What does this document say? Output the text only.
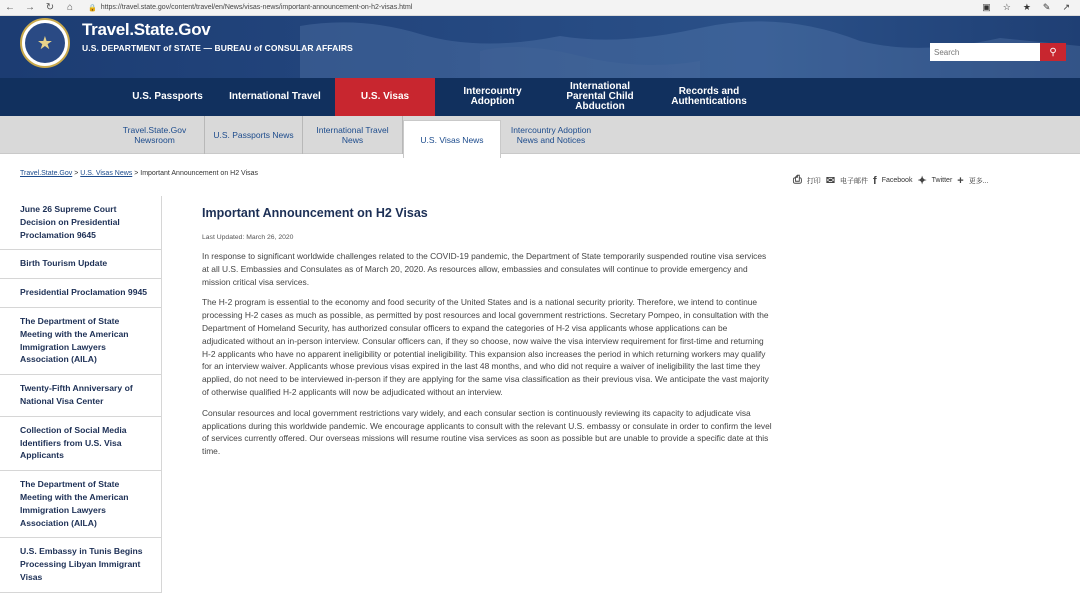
←	→	↻	⌂	🔒 https://travel.state.gov/content/travel/en/News/visas-news/important-announcement-on-h2-visas.html	▣ ☆ ★ ✎ ↗
★
Travel.State.Gov
U.S. DEPARTMENT of STATE — BUREAU of CONSULAR AFFAIRS
Search	⚲
U.S. Passports	International Travel	U.S. Visas	Intercountry Adoption
International Parental Child Abduction
Records and Authentications
Travel.State.Gov Newsroom	U.S. Passports News	International Travel News	U.S. Visas News
Intercountry Adoption News and Notices
Travel.State.Gov > U.S. Visas News > Important Announcement on H2 Visas
⎙ 打印 ✉ 电子邮件 f Facebook ✦ Twitter + 更多...
June 26 Supreme Court Decision on Presidential Proclamation 9645
Birth Tourism Update
Presidential Proclamation 9945
The Department of State Meeting with the American Immigration Lawyers Association (AILA)
Twenty-Fifth Anniversary of National Visa Center
Collection of Social Media Identifiers from U.S. Visa Applicants
The Department of State Meeting with the American Immigration Lawyers Association (AILA)
U.S. Embassy in Tunis Begins Processing Libyan Immigrant Visas
Important Announcement on H2 Visas
Last Updated: March 26, 2020

In response to significant worldwide challenges related to the COVID-19 pandemic, the Department of State temporarily suspended routine visa services at all U.S. Embassies and Consulates as of March 20, 2020. As resources allow, embassies and consulates will continue to provide emergency and mission critical visa services.

The H-2 program is essential to the economy and food security of the United States and is a national security priority. Therefore, we intend to continue processing H-2 cases as much as possible, as permitted by post resources and local government restrictions. Secretary Pompeo, in consultation with the Department of Homeland Security, has authorized consular officers to expand the categories of H-2 visa applicants whose applications can be adjudicated without an in-person interview. Consular officers can, if they so choose, now waive the visa interview requirement for first-time and returning H-2 applicants who have no apparent ineligibility or potential ineligibility. This expansion also increases the period in which returning workers may qualify for an interview waiver. Applicants whose previous visas expired in the last 48 months, and who did not require a waiver of ineligibility the last time they applied, do not need to be interviewed in-person if they are applying for the same visa classification as their previous visa. We anticipate the vast majority of otherwise qualified H-2 applicants will now be adjudicated without an interview.

Consular resources and local government restrictions vary widely, and each consular section is continuously reviewing its capacity to adjudicate visa applications during this worldwide pandemic. We encourage applicants to consult with the relevant U.S. embassy or consulate in order to confirm the level of services currently offered. Our overseas missions will resume routine visa services as soon as possible but are unable to provide a specific date at this time.
